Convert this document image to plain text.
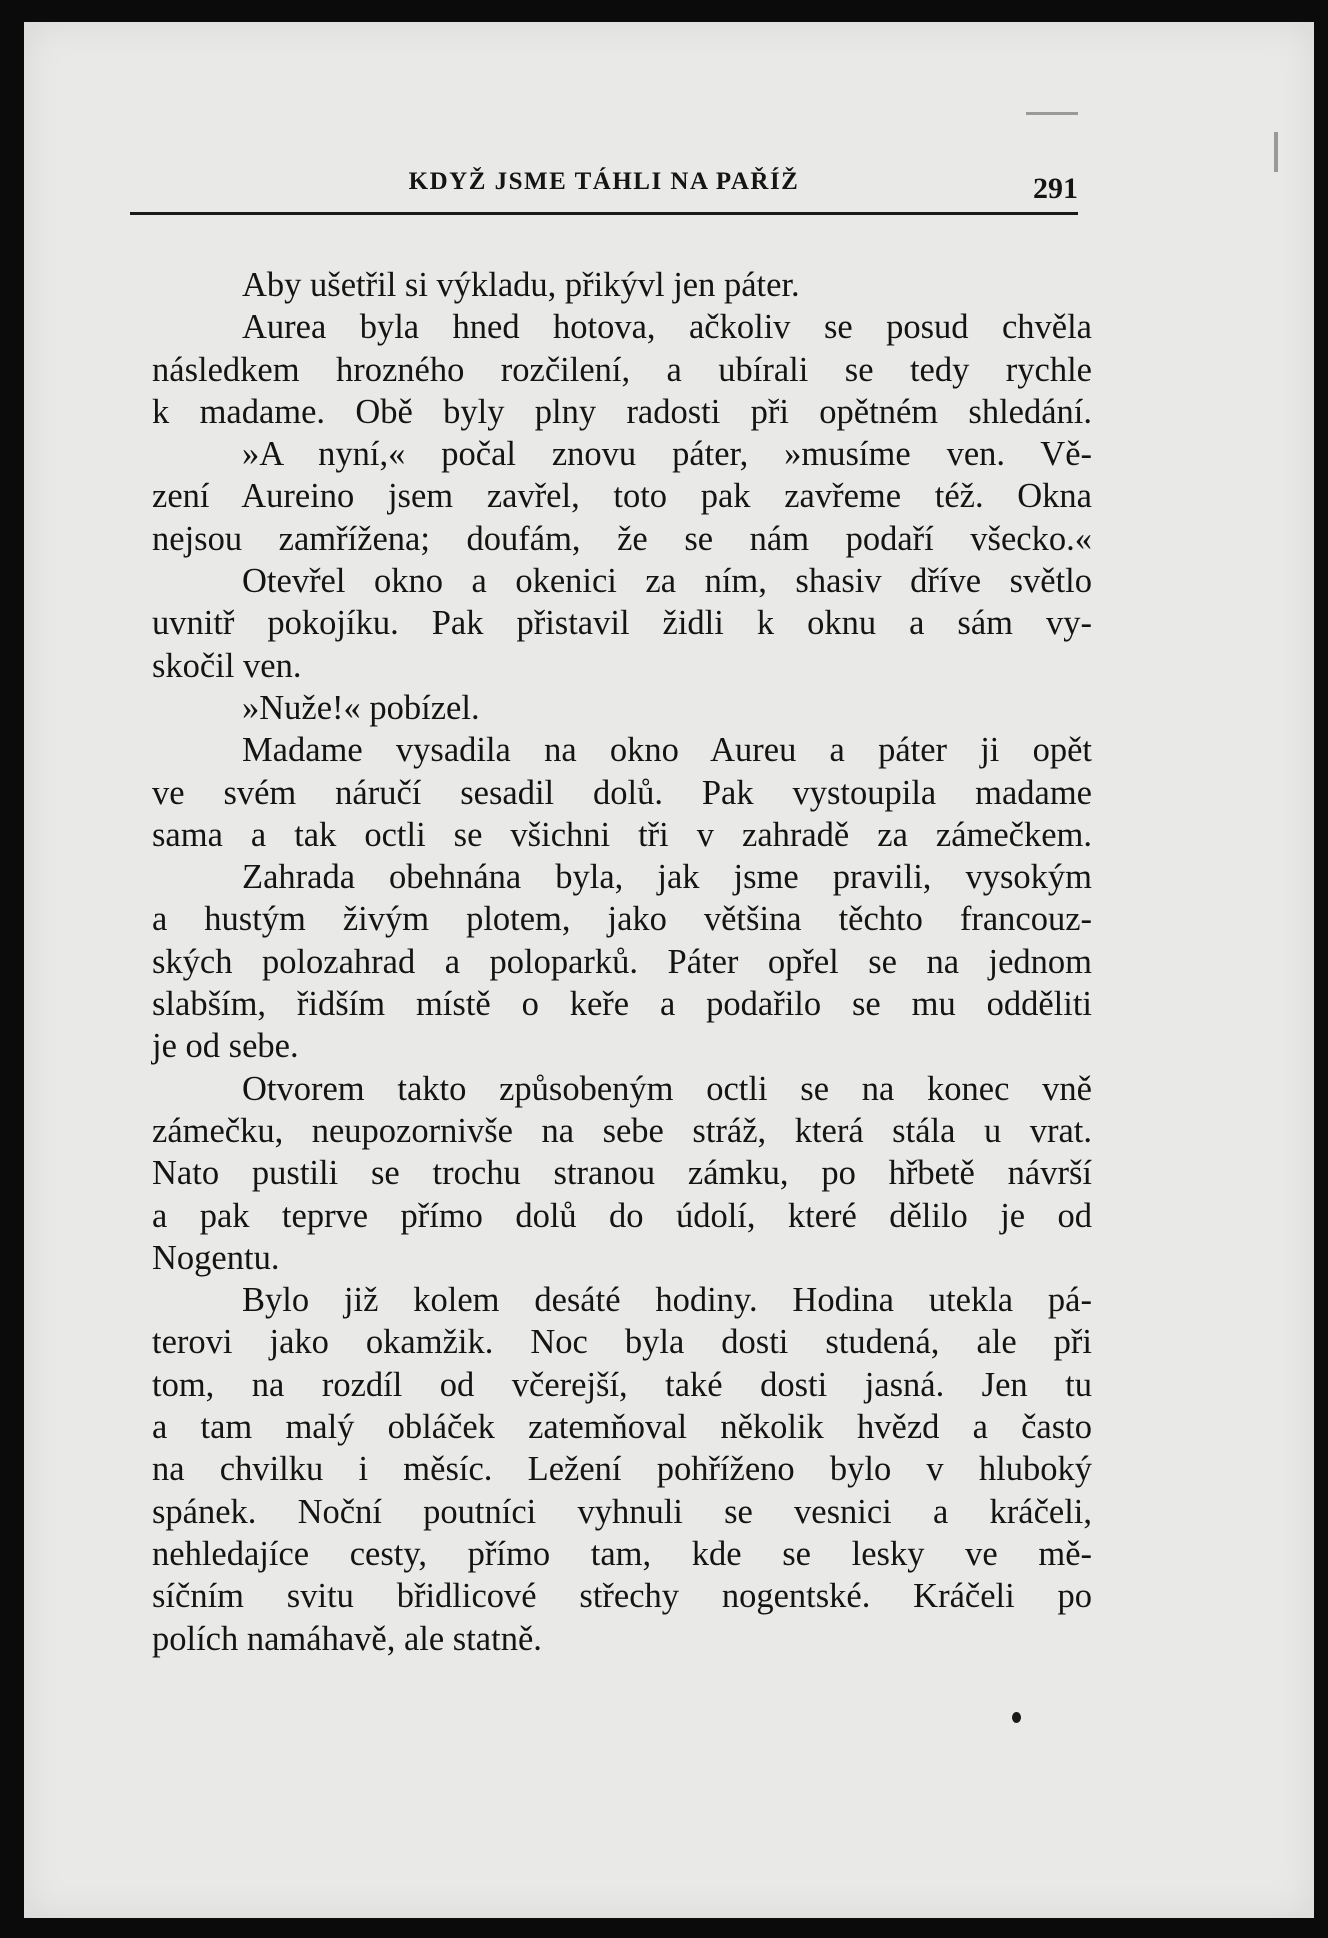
KDYŽ JSME TÁHLI NA PAŘÍŽ	291
Aby ušetřil si výkladu, přikývl jen páter.
Aurea byla hned hotova, ačkoliv se posud chvěla
následkem hrozného rozčilení, a ubírali se tedy rychle
k madame. Obě byly plny radosti při opětném shledání.
»A nyní,« počal znovu páter, »musíme ven. Vě-
zení Aureino jsem zavřel, toto pak zavřeme též. Okna
nejsou zamřížena; doufám, že se nám podaří všecko.«
Otevřel okno a okenici za ním, shasiv dříve světlo
uvnitř pokojíku. Pak přistavil židli k oknu a sám vy-
skočil ven.
»Nuže!« pobízel.
Madame vysadila na okno Aureu a páter ji opět
ve svém náručí sesadil dolů. Pak vystoupila madame
sama a tak octli se všichni tři v zahradě za zámečkem.
Zahrada obehnána byla, jak jsme pravili, vysokým
a hustým živým plotem, jako většina těchto francouz-
ských polozahrad a poloparků. Páter opřel se na jednom
slabším, řidším místě o keře a podařilo se mu odděliti
je od sebe.
Otvorem takto způsobeným octli se na konec vně
zámečku, neupozornivše na sebe stráž, která stála u vrat.
Nato pustili se trochu stranou zámku, po hřbetě návrší
a pak teprve přímo dolů do údolí, které dělilo je od
Nogentu.
Bylo již kolem desáté hodiny. Hodina utekla pá-
terovi jako okamžik. Noc byla dosti studená, ale při
tom, na rozdíl od včerejší, také dosti jasná. Jen tu
a tam malý obláček zatemňoval několik hvězd a často
na chvilku i měsíc. Ležení pohříženo bylo v hluboký
spánek. Noční poutníci vyhnuli se vesnici a kráčeli,
nehledajíce cesty, přímo tam, kde se lesky ve mě-
síčním svitu břidlicové střechy nogentské. Kráčeli po
polích namáhavě, ale statně.
